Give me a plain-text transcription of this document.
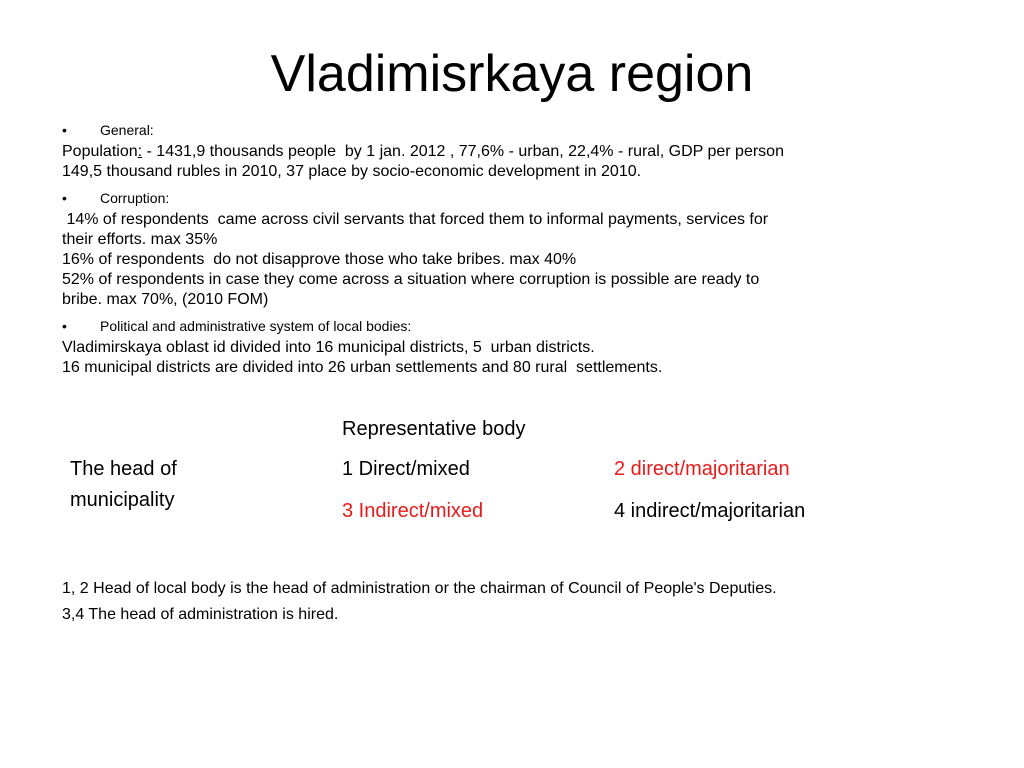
Vladimisrkaya region
• General:
Population: - 1431,9 thousands people  by 1 jan. 2012 , 77,6% - urban, 22,4% - rural, GDP per person
149,5 thousand rubles in 2010, 37 place by socio-economic development in 2010.
• Corruption:
14% of respondents  came across civil servants that forced them to informal payments, services for
their efforts. max 35%
16% of respondents  do not disapprove those who take bribes. max 40%
52% of respondents in case they come across a situation where corruption is possible are ready to
bribe. max 70%, (2010 FOM)
• Political and administrative system of local bodies:
Vladimirskaya oblast id divided into 16 municipal districts, 5  urban districts.
16 municipal districts are divided into 26 urban settlements and 80 rural  settlements.
Representative body
The head of municipality
1 Direct/mixed	2 direct/majoritarian
3 Indirect/mixed	4 indirect/majoritarian
1, 2 Head of local body is the head of administration or the chairman of Council of People's Deputies.
3,4 The head of administration is hired.
